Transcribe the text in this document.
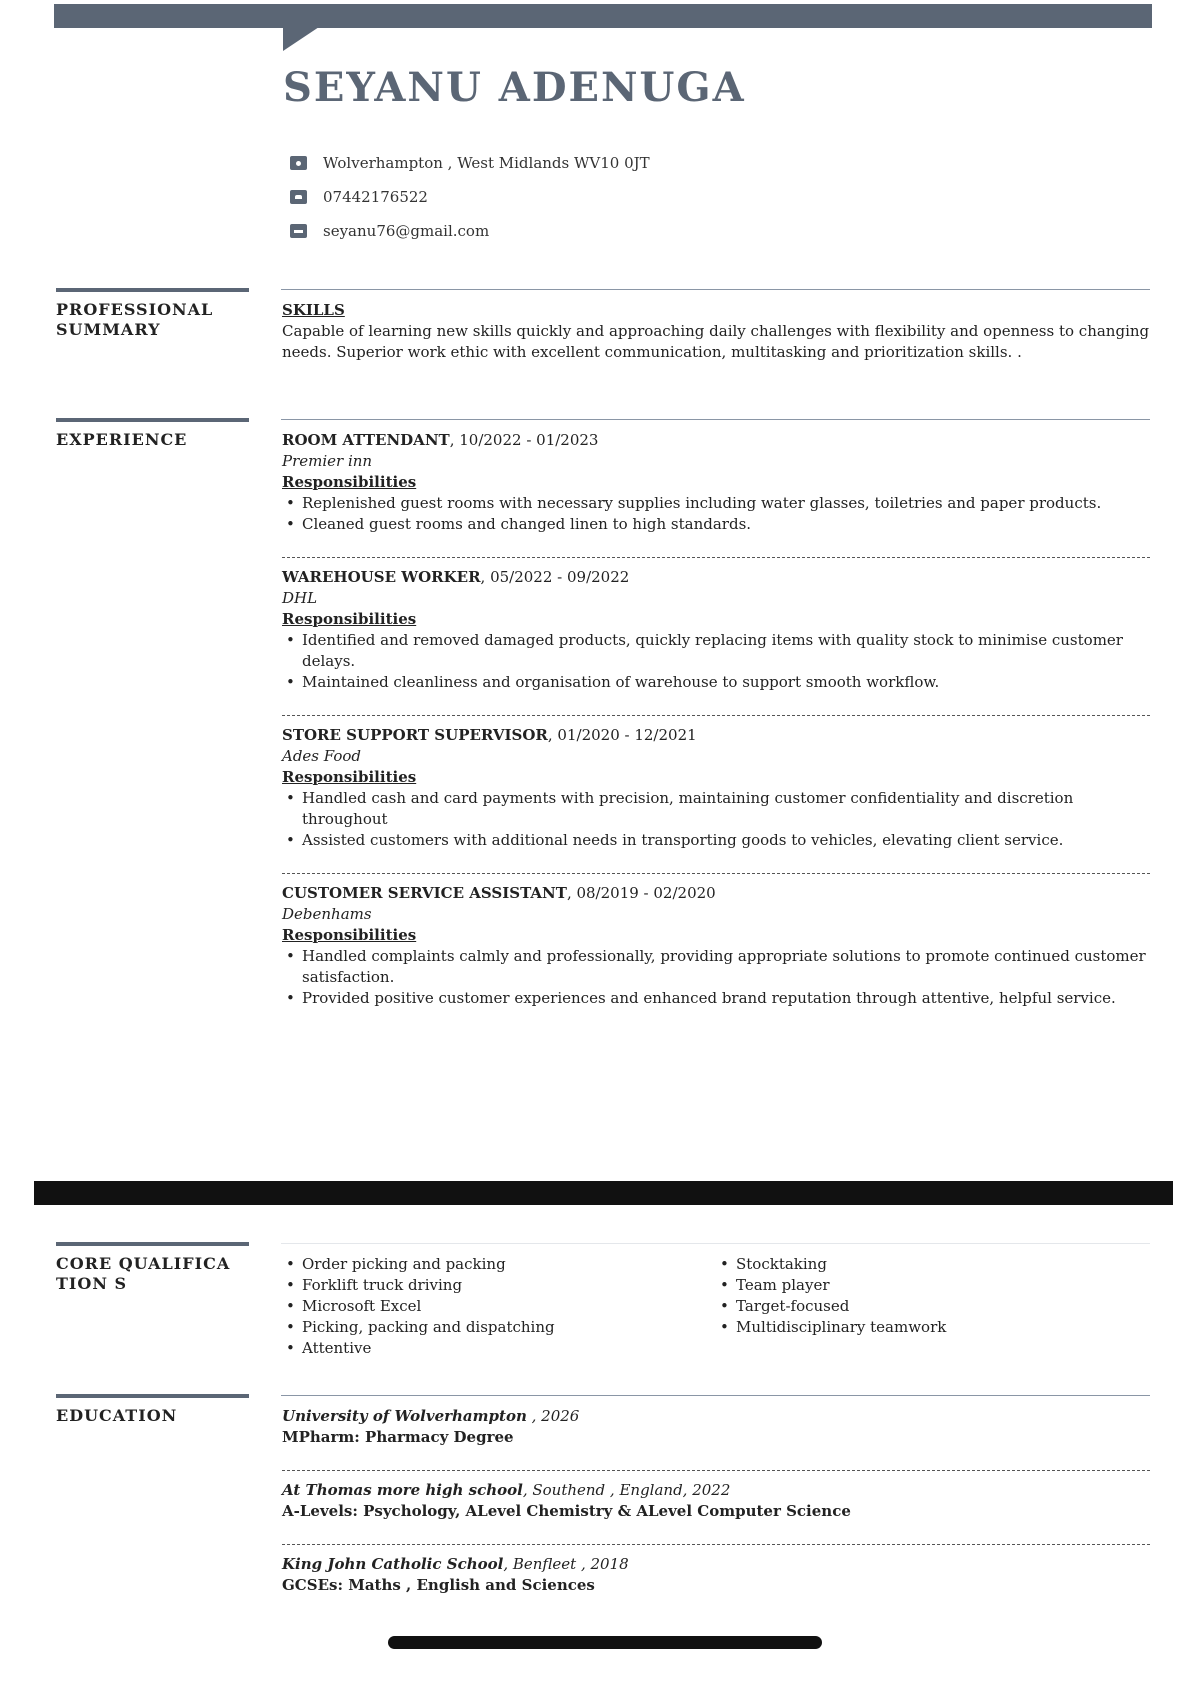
SEYANU ADENUGA
Wolverhampton , West Midlands WV10 0JT
07442176522
seyanu76@gmail.com
PROFESSIONAL SUMMARY

SKILLS

Capable of learning new skills quickly and approaching daily challenges with flexibility and openness to changing needs. Superior work ethic with excellent communication, multitasking and prioritization skills. .

EXPERIENCE	ROOM ATTENDANT, 10/2022 - 01/2023

Premier inn

Responsibilities

• Replenished guest rooms with necessary supplies including water glasses, toiletries and paper products.
• Cleaned guest rooms and changed linen to high standards.

WAREHOUSE WORKER, 05/2022 - 09/2022

DHL

Responsibilities

• Identified and removed damaged products, quickly replacing items with quality stock to minimise customer delays.
• Maintained cleanliness and organisation of warehouse to support smooth workflow.

STORE SUPPORT SUPERVISOR, 01/2020 - 12/2021

Ades Food

Responsibilities

• Handled cash and card payments with precision, maintaining customer confidentiality and discretion throughout
• Assisted customers with additional needs in transporting goods to vehicles, elevating client service.

CUSTOMER SERVICE ASSISTANT, 08/2019 - 02/2020

Debenhams

Responsibilities

• Handled complaints calmly and professionally, providing appropriate solutions to promote continued customer satisfaction.
• Provided positive customer experiences and enhanced brand reputation through attentive, helpful service.
CORE QUALIFICATION S
• Order picking and packing
• Forklift truck driving
• Microsoft Excel
• Picking, packing and dispatching
• Attentive
• Stocktaking
• Team player
• Target-focused
• Multidisciplinary teamwork
EDUCATION	University of Wolverhampton , 2026

MPharm: Pharmacy Degree

At Thomas more high school, Southend , England, 2022

A-Levels: Psychology, ALevel Chemistry & ALevel Computer Science

King John Catholic School, Benfleet , 2018

GCSEs: Maths , English and Sciences
